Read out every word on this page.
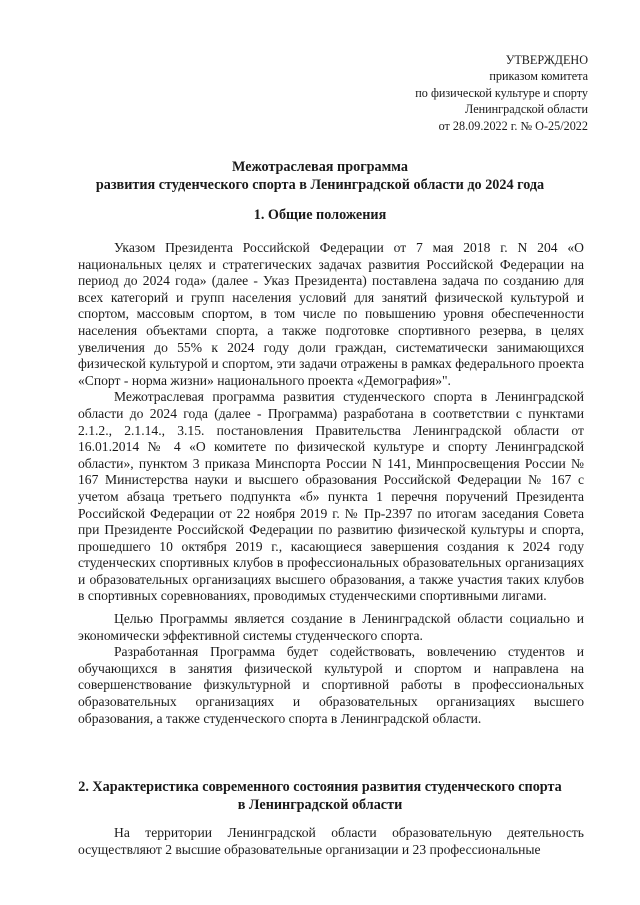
УТВЕРЖДЕНО
приказом комитета
по физической культуре и спорту
Ленинградской области
от 28.09.2022 г. № О-25/2022
Межотраслевая программа
развития студенческого спорта в Ленинградской области до 2024 года
1. Общие положения

Указом Президента Российской Федерации от 7 мая 2018 г. N 204 «О национальных целях и стратегических задачах развития Российской Федерации на период до 2024 года» (далее - Указ Президента) поставлена задача по созданию для всех категорий и групп населения условий для занятий физической культурой и спортом, массовым спортом, в том числе по повышению уровня обеспеченности населения объектами спорта, а также подготовке спортивного резерва, в целях увеличения до 55% к 2024 году доли граждан, систематически занимающихся физической культурой и спортом, эти задачи отражены в рамках федерального проекта «Спорт - норма жизни» национального проекта «Демография»".

Межотраслевая программа развития студенческого спорта в Ленинградской области до 2024 года (далее - Программа) разработана в соответствии с пунктами 2.1.2., 2.1.14., 3.15. постановления Правительства Ленинградской области от 16.01.2014 № 4 «О комитете по физической культуре и спорту Ленинградской области», пунктом 3 приказа Минспорта России N 141, Минпросвещения России № 167 Министерства науки и высшего образования Российской Федерации № 167 с учетом абзаца третьего подпункта «б» пункта 1 перечня поручений Президента Российской Федерации от 22 ноября 2019 г. № Пр-2397 по итогам заседания Совета при Президенте Российской Федерации по развитию физической культуры и спорта, прошедшего 10 октября 2019 г., касающиеся завершения создания к 2024 году студенческих спортивных клубов в профессиональных образовательных организациях и образовательных организациях высшего образования, а также участия таких клубов в спортивных соревнованиях, проводимых студенческими спортивными лигами.

Целью Программы является создание в Ленинградской области социально и экономически эффективной системы студенческого спорта.

Разработанная Программа будет содействовать, вовлечению студентов и обучающихся в занятия физической культурой и спортом и направлена на совершенствование физкультурной и спортивной работы в профессиональных образовательных организациях и образовательных организациях высшего образования, а также студенческого спорта в Ленинградской области.

2. Характеристика современного состояния развития студенческого спорта
в Ленинградской области

На территории Ленинградской области образовательную деятельность осуществляют 2 высшие образовательные организации и 23 профессиональные
